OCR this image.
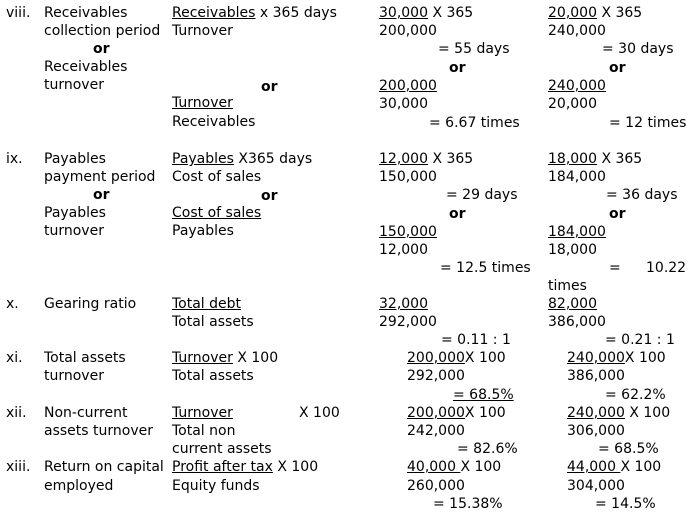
viii. Receivables
collection period
or
Receivables
turnover
Receivables x 365 days
Turnover
or
Turnover
Receivables
30,000 X 365
200,000
= 55 days
or
200,000
30,000
= 6.67 times
20,000 X 365
240,000
= 30 days
or
240,000
20,000
= 12 times
ix. Payables
payment period
or
Payables
turnover
Payables X365 days
Cost of sales
or
Cost of sales
Payables
12,000 X 365
150,000
= 29 days
or
150,000
12,000
= 12.5 times
18,000 X 365
184,000
= 36 days
or
184,000
18,000
= 10.22
times
x. Gearing ratio	Total debt
Total assets
32,000
292,000
= 0.11 : 1
82,000
386,000
= 0.21 : 1
xi. Total assets
turnover
Turnover X 100
Total assets
200,000X 100
292,000
= 68.5%
240,000X 100
386,000
= 62.2%
xii. Non-current
assets turnover
Turnover	X 100
Total non
current assets
200,000X 100
242,000
= 82.6%
240,000 X 100
306,000
= 68.5%
xiii. Return on capital
employed
Profit after tax X 100
Equity funds
40,000 X 100
260,000
= 15.38%
44,000 X 100
304,000
= 14.5%
